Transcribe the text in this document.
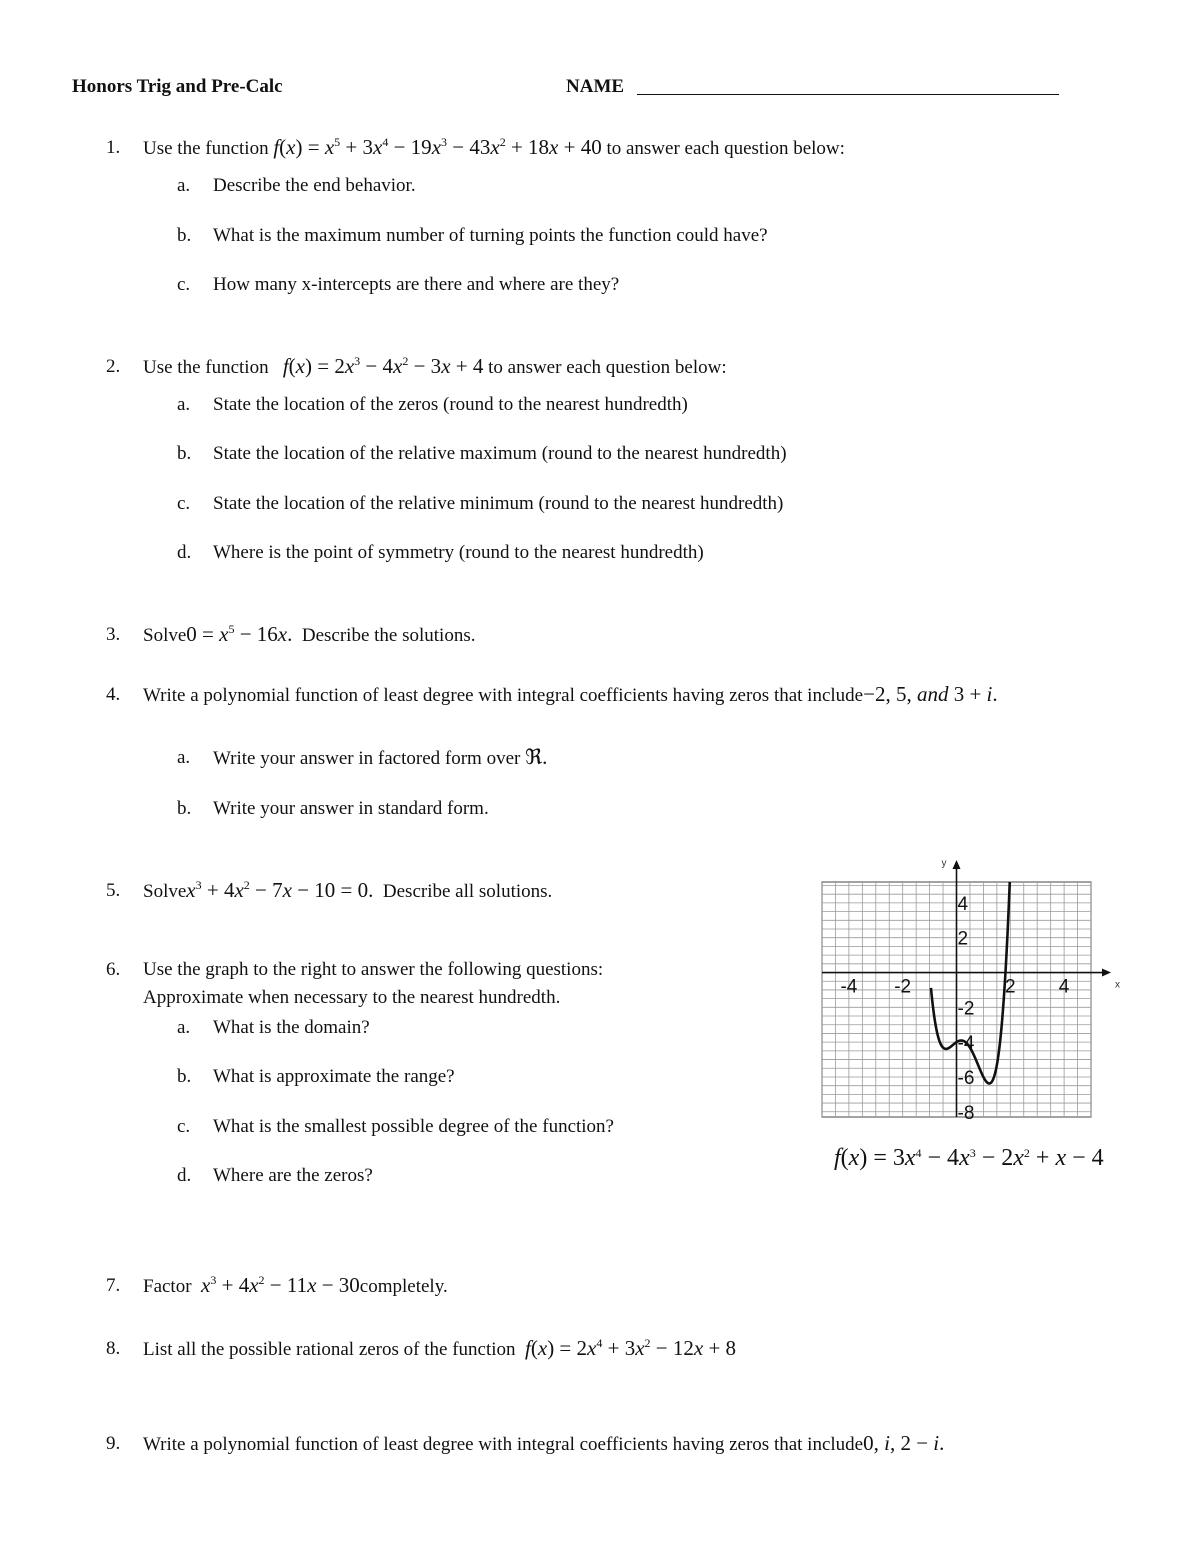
Honors Trig and Pre-Calc	NAME
1. Use the function $f(x) = x^5 + 3x^4 - 19x^3 - 43x^2 + 18x + 40$ to answer each question below:
a. Describe the end behavior.
b. What is the maximum number of turning points the function could have?
c. How many x-intercepts are there and where are they?
2. Use the function $f(x) = 2x^3 - 4x^2 - 3x + 4$ to answer each question below:
a. State the location of the zeros (round to the nearest hundredth)
b. State the location of the relative maximum (round to the nearest hundredth)
c. State the location of the relative minimum (round to the nearest hundredth)
d. Where is the point of symmetry (round to the nearest hundredth)
3. Solve0 = $x^5 - 16x$. Describe the solutions.
4. Write a polynomial function of least degree with integral coefficients having zeros that include−2, 5, and 3 + i.
a. Write your answer in factored form over ℜ.
b. Write your answer in standard form.
5. Solvex$^3$ + $4x^2 - 7x - 10 = 0$. Describe all solutions.
6. Use the graph to the right to answer the following questions:
Approximate when necessary to the nearest hundredth.
a. What is the domain?
b. What is approximate the range?
c. What is the smallest possible degree of the function?
d. Where are the zeros?
x
y
-4 -2	2 4
4
2
-2
-4
-6
-8
$f(x) = 3x^4 - 4x^3 - 2x^2 + x - 4$
7. Factor $x^3 + 4x^2 - 11x$ − 30completely.
8. List all the possible rational zeros of the function $f(x) = 2x^4 + 3x^2 - 12x + 8$
9. Write a polynomial function of least degree with integral coefficients having zeros that include0, i, 2 − i.
